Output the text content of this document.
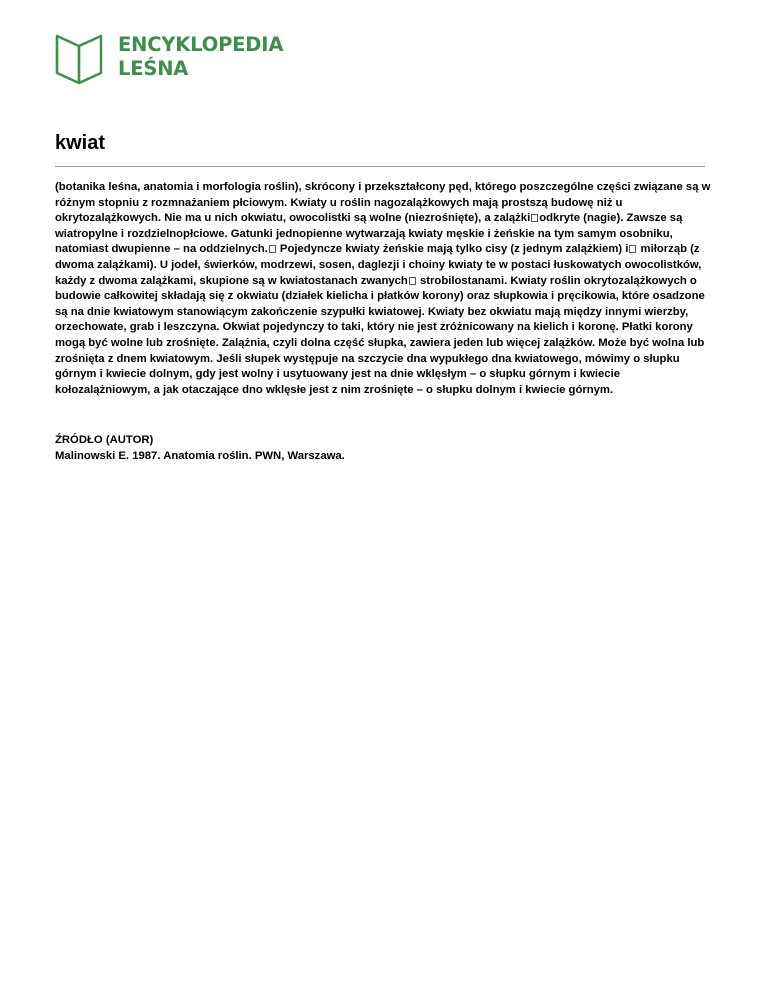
ENCYKLOPEDIA
LEŚNA
kwiat
(botanika leśna, anatomia i morfologia roślin), skrócony i przekształcony pęd, którego poszczególne części związane są w różnym stopniu z rozmnażaniem płciowym. Kwiaty u roślin nagozalążkowych mają prostszą budowę niż u okrytozalążkowych. Nie ma u nich okwiatu, owocolistki są wolne (niezrośnięte), a zalążki odkryte (nagie). Zawsze są wiatropylne i rozdzielnopłciowe. Gatunki jednopienne wytwarzają kwiaty męskie i żeńskie na tym samym osobniku, natomiast dwupienne – na oddzielnych. Pojedyncze kwiaty żeńskie mają tylko cisy (z jednym zalążkiem) i miłorząb (z dwoma zalążkami). U jodeł, świerków, modrzewi, sosen, daglezji i choiny kwiaty te w postaci łuskowatych owocolistków, każdy z dwoma zalążkami, skupione są w kwiatostanach zwanych strobilostanami. Kwiaty roślin okrytozalążkowych o budowie całkowitej składają się z okwiatu (działek kielicha i płatków korony) oraz słupkowia i pręcikowia, które osadzone są na dnie kwiatowym stanowiącym zakończenie szypułki kwiatowej. Kwiaty bez okwiatu mają między innymi wierzby, orzechowate, grab i leszczyna. Okwiat pojedynczy to taki, który nie jest zróżnicowany na kielich i koronę. Płatki korony mogą być wolne lub zrośnięte. Zalążnia, czyli dolna część słupka, zawiera jeden lub więcej zalążków. Może być wolna lub zrośnięta z dnem kwiatowym. Jeśli słupek występuje na szczycie dna wypukłego dna kwiatowego, mówimy o słupku górnym i kwiecie dolnym, gdy jest wolny i usytuowany jest na dnie wklęsłym – o słupku górnym i kwiecie kołozalążniowym, a jak otaczające dno wklęsłe jest z nim zrośnięte – o słupku dolnym i kwiecie górnym.
ŹRÓDŁO (AUTOR)
Malinowski E. 1987. Anatomia roślin. PWN, Warszawa.
